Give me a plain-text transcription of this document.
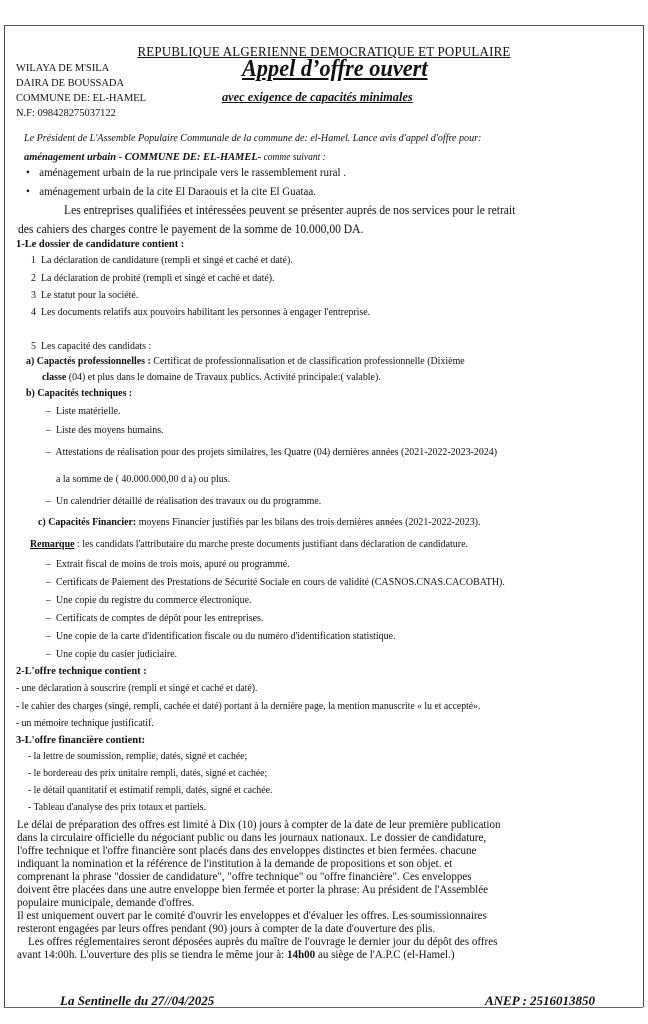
REPUBLIQUE ALGERIENNE DEMOCRATIQUE ET POPULAIRE
WILAYA DE M'SILA
DAIRA DE BOUSSADA
COMMUNE DE: EL-HAMEL
N.F: 098428275037122
Appel d’offre ouvert
avec exigence de capacités minimales
Le Président de L'Assemble Populaire Communale de la commune de: el-Hamel. Lance avis d'appel d'offre pour:
aménagement urbain - COMMUNE DE: EL-HAMEL- comme suivant :
• aménagement urbain de la rue principale vers le rassemblement rural .
• aménagement urbain de la cite El Daraouis et la cite El Guataa.
Les entreprises qualifiées et intéressées peuvent se présenter auprés de nos services pour le retrait
des cahiers des charges contre le payement de la somme de 10.000,00 DA.
1-Le dossier de candidature contient :
1 La déclaration de candidature (rempli et singé et caché et daté).
2 La déclaration de probité (rempli et singé et caché et daté).
3 Le statut pour la société.
4 Les documents relatifs aux pouvoirs habilitant les personnes à engager l'entreprise.
5 Les capacité des candidats :
a) Capactés professionnelles : Certificat de professionnalisation et de classification professionnelle (Dixième
classe (04) et plus dans le domaine de Travaux publics. Activité principale:( valable).
b) Capacités techniques :
– Liste matérielle.
– Liste des moyens humains.
– Attestations de réalisation pour des projets similaires, les Quatre (04) dernières années (2021-2022-2023-2024)
a la somme de ( 40.000.000,00 d a) ou plus.
– Un calendrier détaillé de réalisation des travaux ou du programme.
c) Capacités Financier: moyens Financier justifiés par les bilans des trois dernières années (2021-2022-2023).
Remarque : les candidats l'attributaire du marche preste documents justifiant dans déclaration de candidature.
– Extrait fiscal de moins de trois mois, apuré ou programmé.
– Certificats de Paiement des Prestations de Sécurité Sociale en cours de validité (CASNOS.CNAS.CACOBATH).
– Une copie du registre du commerce électronique.
– Certificats de comptes de dépôt pour les entreprises.
– Une copie de la carte d'identification fiscale ou du numéro d'identification statistique.
– Une copie du casier judiciaire.
2-L'offre technique contient :
- une déclaration à souscrire (rempli et singé et caché et daté).
- le cahier des charges (singé, rempli, cachée et daté) portant à la dernière page, la mention manuscrite « lu et accepté».
- un mémoire technique justificatif.
3-L'offre financière contient:
- la lettre de soumission, remplie, datés, signé et cachée;
- le bordereau des prix unitaire rempli, datés, signé et cachée;
- le détail quantitatif et estimatif rempli, datés, signé et cachée.
- Tableau d'analyse des prix totaux et partiels.
Le délai de préparation des offres est limité à Dix (10) jours à compter de la date de leur première publication
dans la circulaire officielle du négociant public ou dans les journaux nationaux. Le dossier de candidature,
l'offre technique et l'offre financière sont placés dans des enveloppes distinctes et bien fermées. chacune
indiquant la nomination et la référence de l'institution à la demande de propositions et son objet. et
comprenant la phrase "dossier de candidature", "offre technique" ou "offre financière". Ces enveloppes
doivent être placées dans une autre enveloppe bien fermée et porter la phrase: Au président de l'Assemblée
populaire municipale, demande d'offres.
Il est uniquement ouvert par le comité d'ouvrir les enveloppes et d'évaluer les offres. Les soumissionnaires
resteront engagées par leurs offres pendant (90) jours à compter de la date d'ouverture des plis.
Les offres réglementaires seront déposées auprès du maître de l'ouvrage le dernier jour du dépôt des offres
avant 14:00h. L'ouverture des plis se tiendra le même jour à: 14h00 au siège de l'A.P.C (el-Hamel.)
La Sentinelle du 27//04/2025	ANEP : 2516013850
